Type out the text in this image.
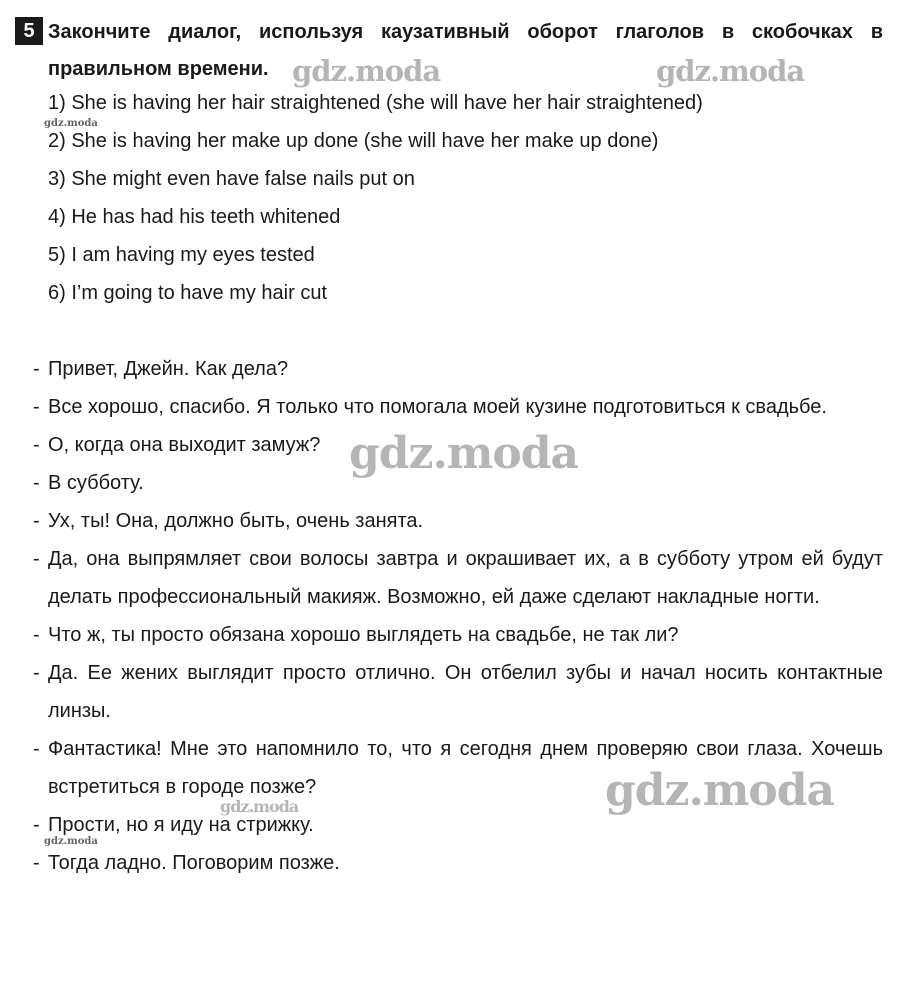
5 Закончите диалог, используя каузативный оборот глаголов в скобочках в правильном времени.
1) She is having her hair straightened (she will have her hair straightened)
2) She is having her make up done (she will have her make up done)
3) She might even have false nails put on
4) He has had his teeth whitened
5) I am having my eyes tested
6) I’m going to have my hair cut
- Привет, Джейн. Как дела?
- Все хорошо, спасибо. Я только что помогала моей кузине подготовиться к свадьбе.
- О, когда она выходит замуж?
- В субботу.
- Ух, ты! Она, должно быть, очень занята.
- Да, она выпрямляет свои волосы завтра и окрашивает их, а в субботу утром ей будут делать профессиональный макияж. Возможно, ей даже сделают накладные ногти.
- Что ж, ты просто обязана хорошо выглядеть на свадьбе, не так ли?
- Да. Ее жених выглядит просто отлично. Он отбелил зубы и начал носить контактные линзы.
- Фантастика! Мне это напомнило то, что я сегодня днем проверяю свои глаза. Хочешь встретиться в городе позже?
- Прости, но я иду на стрижку.
- Тогда ладно. Поговорим позже.
gdz.moda	gdz.moda
gdz.moda
gdz.moda
gdz.moda
gdz.moda
gdz.moda
